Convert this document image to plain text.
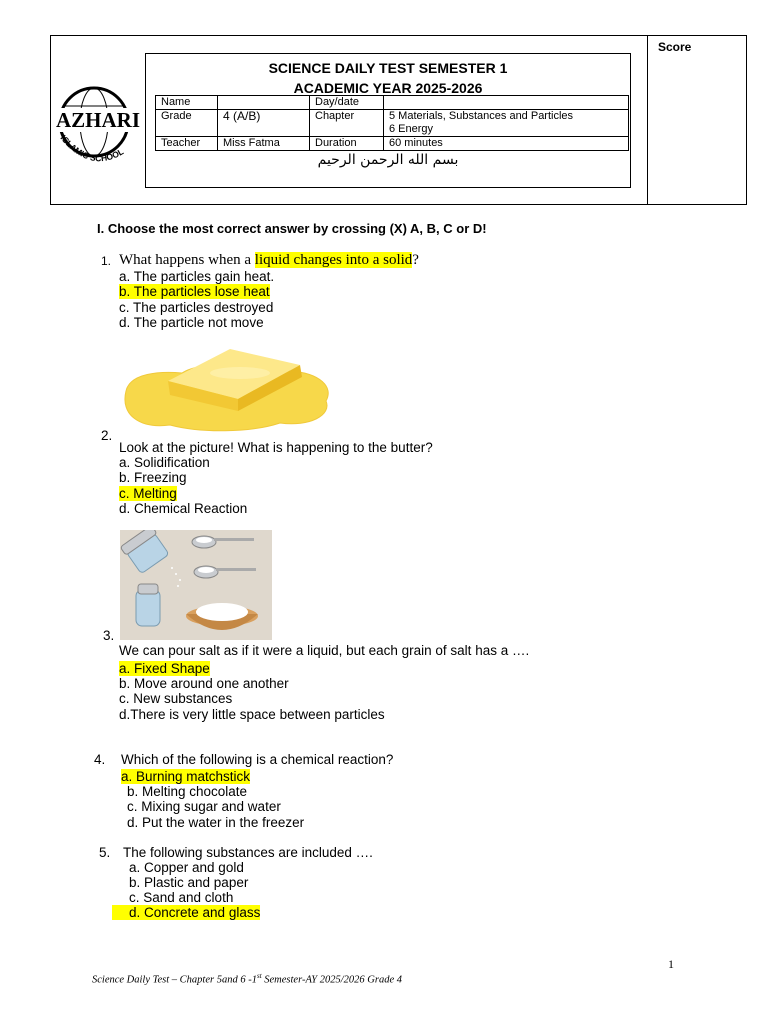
Score
AZHARI
ISLAMIC SCHOOL
SCIENCE DAILY TEST SEMESTER 1
ACADEMIC YEAR 2025-2026
Name		Day/date	
Grade	4 (A/B)	Chapter	5 Materials, Substances and Particles
6 Energy

Teacher	Miss Fatma	Duration	60 minutes
بسم الله الرحمن الرحيم
I. Choose the most correct answer by crossing (X) A, B, C or D!
1. What happens when a liquid changes into a solid?
a. The particles gain heat.
b. The particles lose heat
c. The particles destroyed
d. The particle not move
2.
Look at the picture! What is happening to the butter?
a. Solidification
b. Freezing
c. Melting
d. Chemical Reaction
3.
We can pour salt as if it were a liquid, but each grain of salt has a ….
a. Fixed Shape
b. Move around one another
c. New substances
d.There is very little space between particles
4. Which of the following is a chemical reaction?
a. Burning matchstick
b. Melting chocolate
c. Mixing sugar and water
d. Put the water in the freezer
5. The following substances are included ….
a. Copper and gold
b. Plastic and paper
c. Sand and cloth
d. Concrete and glass
1
Science Daily Test – Chapter 5and 6 -1st Semester-AY 2025/2026 Grade 4
